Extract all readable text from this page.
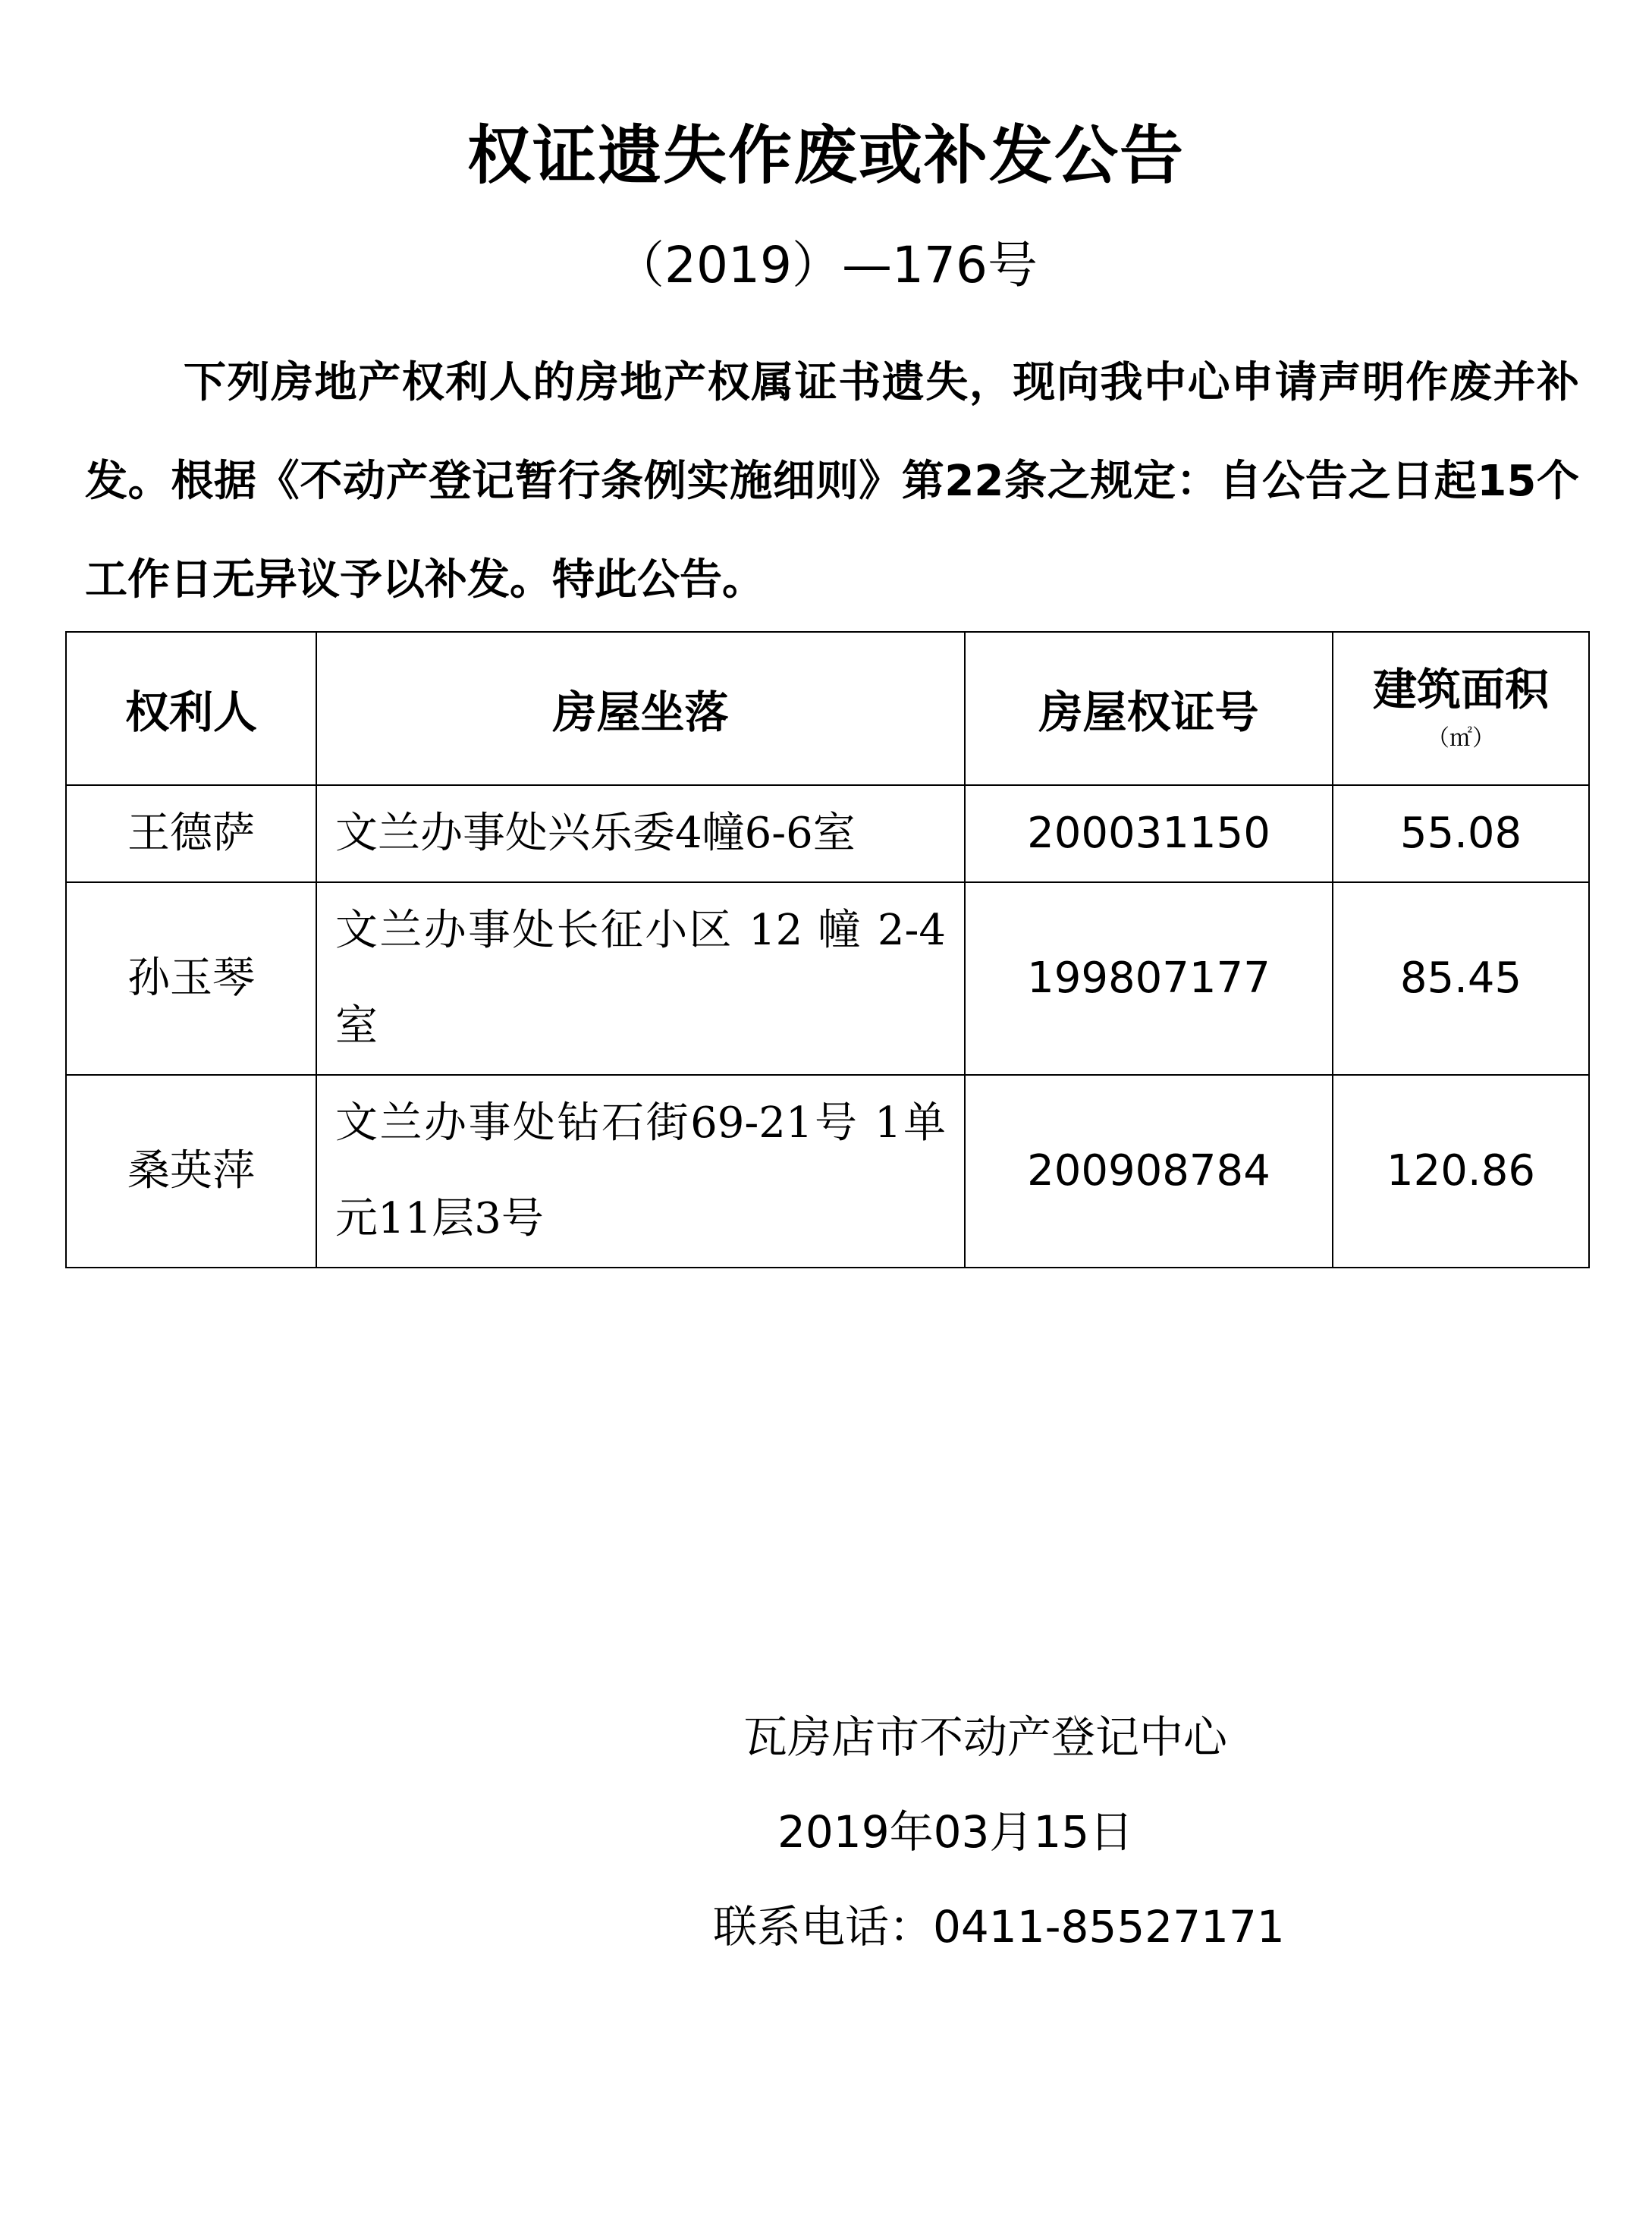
权证遗失作废或补发公告
（2019）—176号

下列房地产权利人的房地产权属证书遗失，现向我中心申请声明作废并补发。根据《不动产登记暂行条例实施细则》第22条之规定：自公告之日起15个工作日无异议予以补发。特此公告。

权利人	房屋坐落	房屋权证号	建筑面积
（㎡）

王德萨	文兰办事处兴乐委4幢6-6室	200031150	55.08
孙玉琴	文兰办事处长征小区 12 幢 2-4室	199807177	85.45
桑英萍	文兰办事处钻石街69-21号 1单元11层3号	200908784	120.86
瓦房店市不动产登记中心
2019年03月15日
联系电话：0411-85527171
